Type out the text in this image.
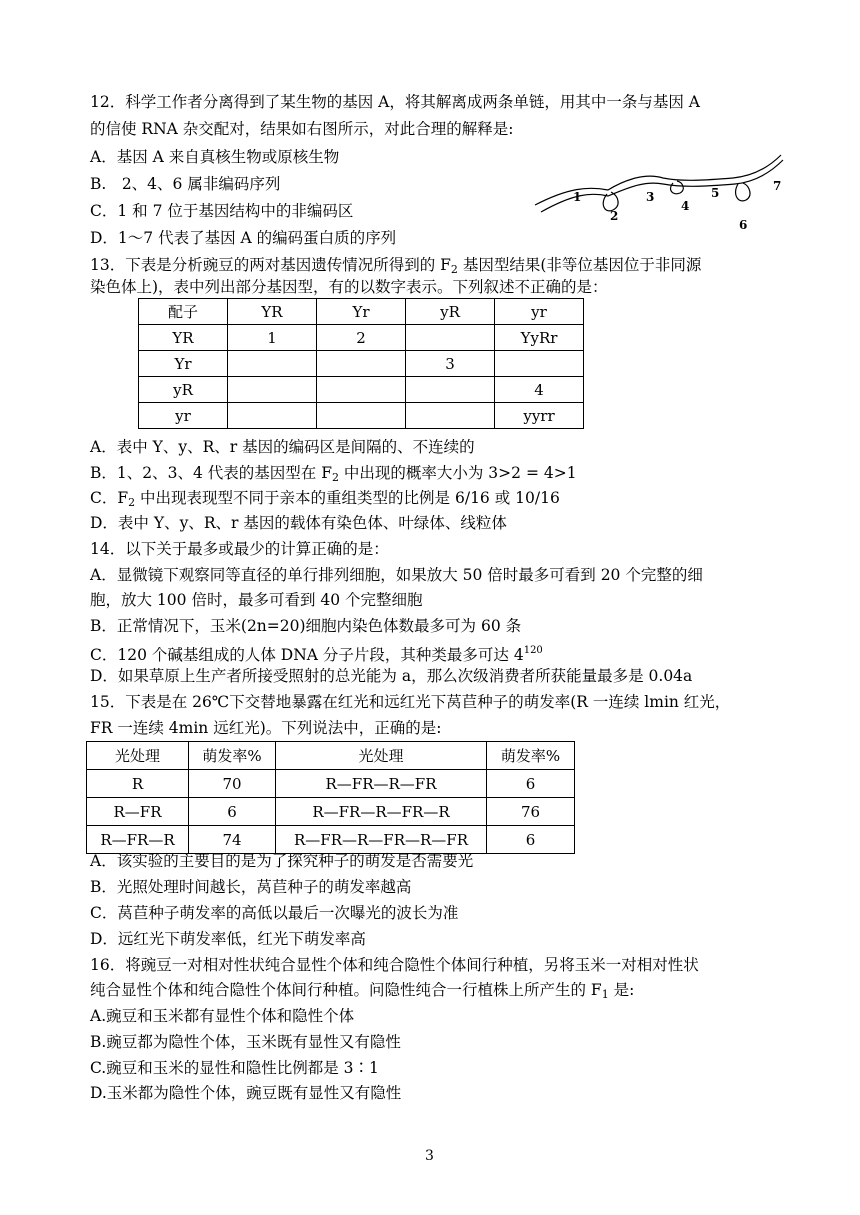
12．科学工作者分离得到了某生物的基因 A，将其解离成两条单链，用其中一条与基因 A
的信使 RNA 杂交配对，结果如右图所示，对此合理的解释是:
A．基因 A 来自真核生物或原核生物
B.　2、4、6 属非编码序列
C．1 和 7 位于基因结构中的非编码区
D．1～7 代表了基因 A 的编码蛋白质的序列
1
2
3
4
5
6
7
13．下表是分析豌豆的两对基因遗传情况所得到的 $F_2$ 基因型结果(非等位基因位于非同源
染色体上)，表中列出部分基因型，有的以数字表示。下列叙述不正确的是：
配子	YR	Yr	yR	yr
YR	1	2		YyRr
Yr			3	
yR				4
yr				yyrr
A．表中 Y、y、R、r 基因的编码区是间隔的、不连续的
B．1、2、3、4 代表的基因型在 $F_2$ 中出现的概率大小为 3>2 = 4>1
C．$F_2$ 中出现表现型不同于亲本的重组类型的比例是 6/16 或 10/16
D．表中 Y、y、R、r 基因的载体有染色体、叶绿体、线粒体
14．以下关于最多或最少的计算正确的是：
A．显微镜下观察同等直径的单行排列细胞，如果放大 50 倍时最多可看到 20 个完整的细
胞，放大 100 倍时，最多可看到 40 个完整细胞
B．正常情况下，玉米(2n=20)细胞内染色体数最多可为 60 条
C．120 个碱基组成的人体 DNA 分子片段，其种类最多可达 $4^{120}$
D．如果草原上生产者所接受照射的总光能为 a，那么次级消费者所获能量最多是 0.04a
15．下表是在 26℃下交替地暴露在红光和远红光下莴苣种子的萌发率(R 一连续 lmin 红光，
FR 一连续 4min 远红光)。下列说法中，正确的是:
光处理	萌发率%	光处理	萌发率%
R	70	R—FR—R—FR	6
R—FR	6	R—FR—R—FR—R	76
R—FR—R	74	R—FR—R—FR—R—FR	6
A．该实验的主要目的是为了探究种子的萌发是否需要光
B．光照处理时间越长，莴苣种子的萌发率越高
C．莴苣种子萌发率的高低以最后一次曝光的波长为准
D．远红光下萌发率低，红光下萌发率高
16．将豌豆一对相对性状纯合显性个体和纯合隐性个体间行种植，另将玉米一对相对性状
纯合显性个体和纯合隐性个体间行种植。问隐性纯合一行植株上所产生的 $F_1$ 是:
A.豌豆和玉米都有显性个体和隐性个体
B.豌豆都为隐性个体，玉米既有显性又有隐性
C.豌豆和玉米的显性和隐性比例都是 3∶1
D.玉米都为隐性个体，豌豆既有显性又有隐性
3
